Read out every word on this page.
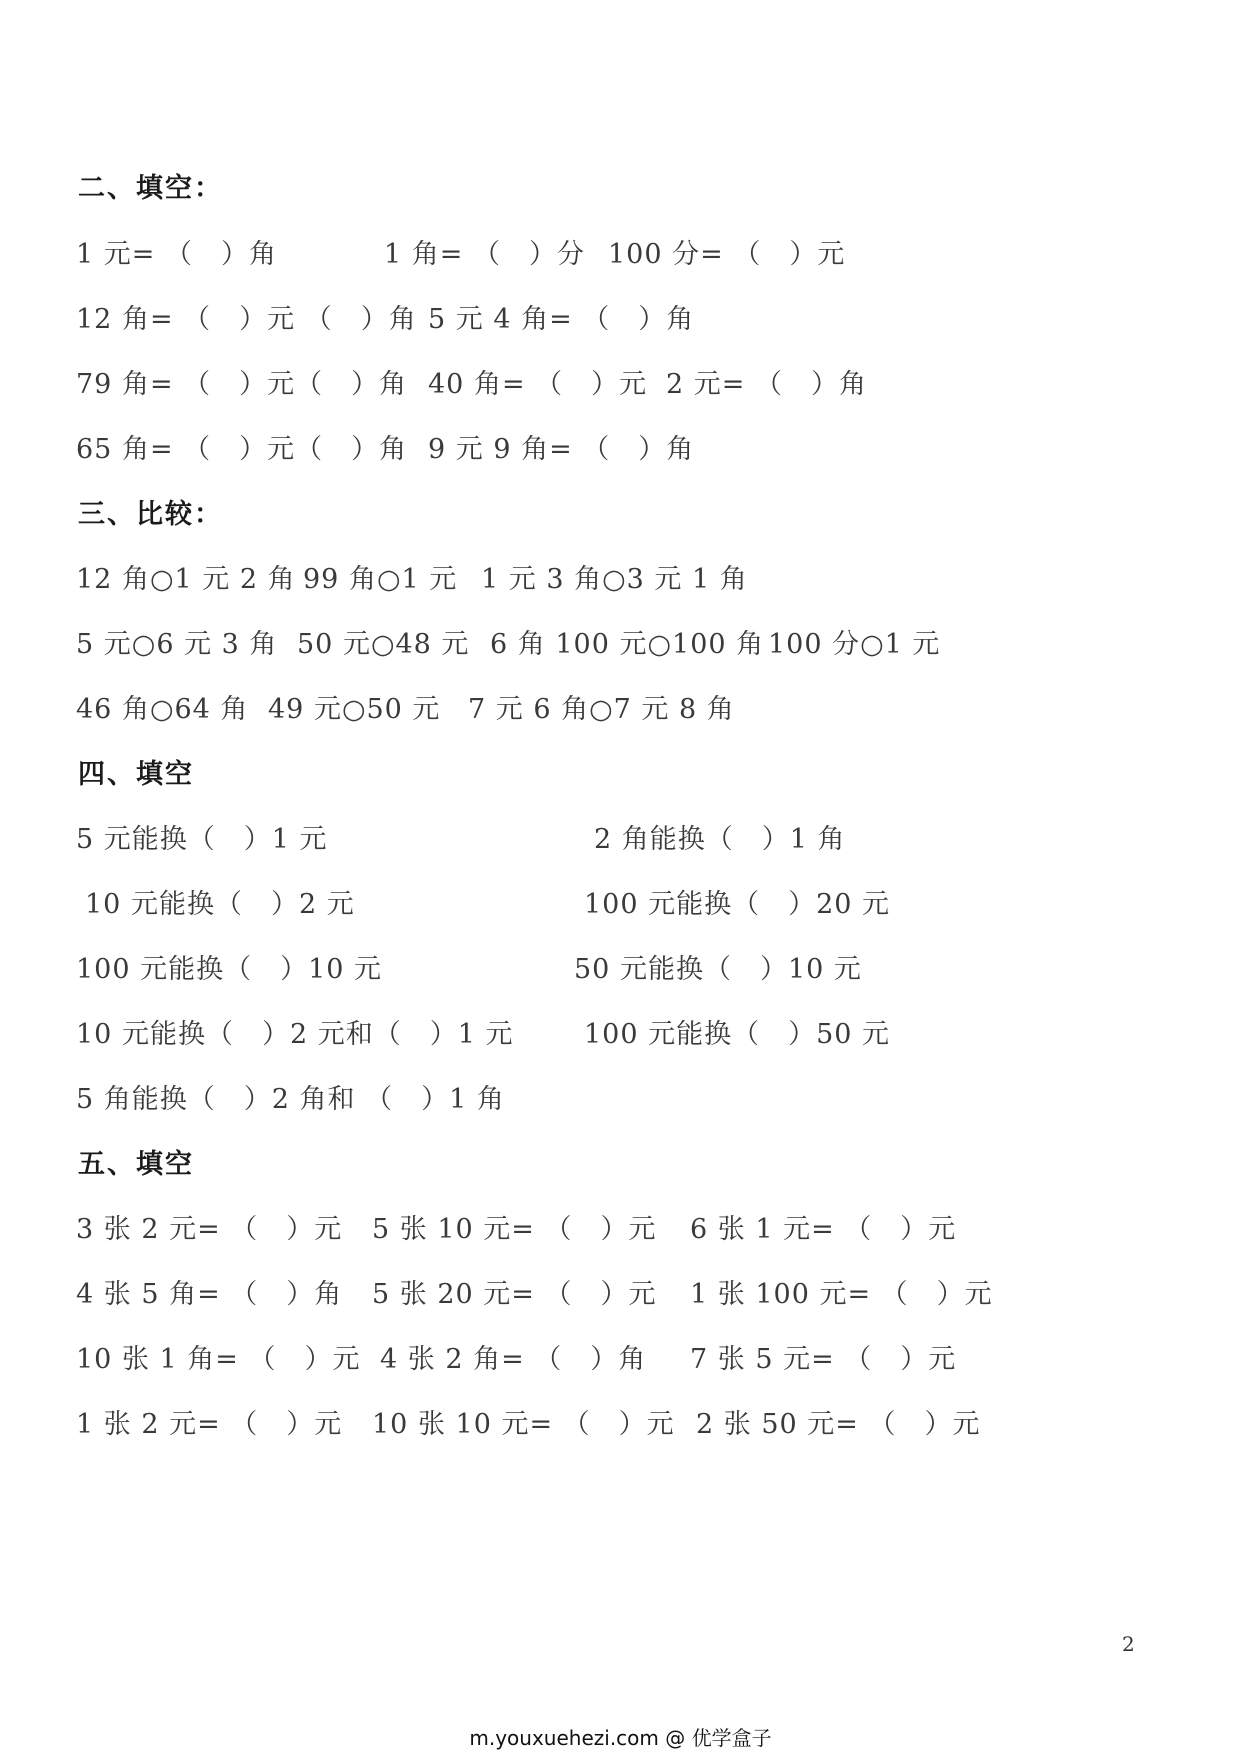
二、填空：
1 元= （　）角	1 角= （　）分 100 分= （　）元
12 角= （　）元 （　）角 5 元 4 角= （　）角
79 角= （　）元（　）角 40 角= （　）元 2 元= （　）角
65 角= （　）元（　）角 9 元 9 角= （　）角
三、比较：
12 角○1 元 2 角 99 角○1 元 1 元 3 角○3 元 1 角
5 元○6 元 3 角 50 元○48 元 6 角 100 元○100 角 100 分○1 元
46 角○64 角 49 元○50 元 7 元 6 角○7 元 8 角
四、填空
5 元能换（　）1 元	2 角能换（　）1 角
10 元能换（　）2 元	100 元能换（　）20 元
100 元能换（　）10 元	50 元能换（　）10 元
10 元能换（　）2 元和（　）1 元	100 元能换（　）50 元
5 角能换（　）2 角和 （　）1 角
五、填空
3 张 2 元= （　）元 5 张 10 元= （　）元 6 张 1 元= （　）元
4 张 5 角= （　）角 5 张 20 元= （　）元 1 张 100 元= （　）元
10 张 1 角= （　）元 4 张 2 角= （　）角 7 张 5 元= （　）元
1 张 2 元= （　）元 10 张 10 元= （　）元 2 张 50 元= （　）元
2
m.youxuehezi.com @ 优学盒子
